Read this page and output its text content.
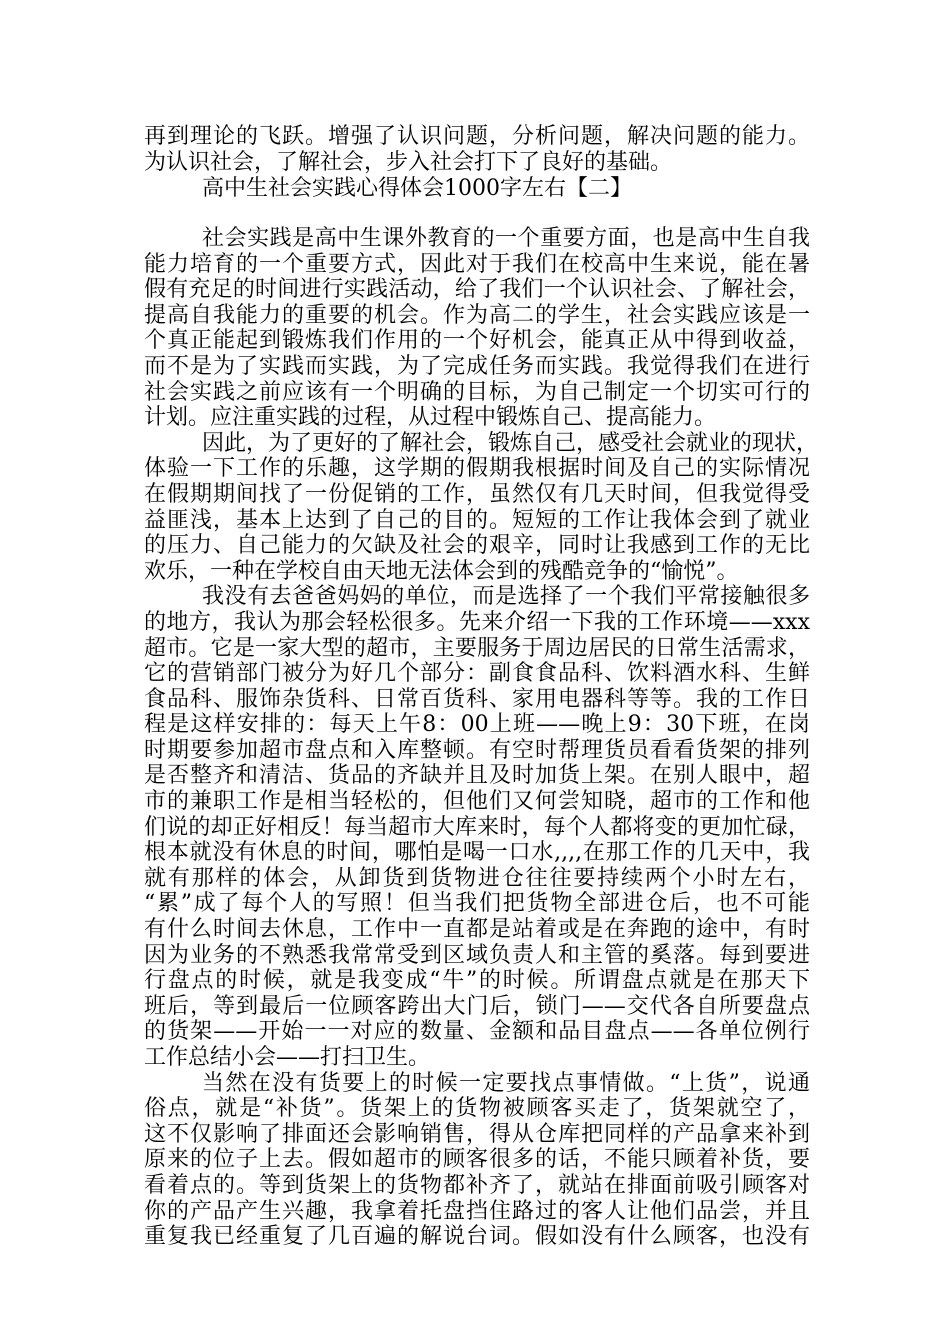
再到理论的飞跃。增强了认识问题，分析问题，解决问题的能力。
为认识社会，了解社会，步入社会打下了良好的基础。
高中生社会实践心得体会1000字左右【二】
社会实践是高中生课外教育的一个重要方面，也是高中生自我
能力培育的一个重要方式，因此对于我们在校高中生来说，能在暑
假有充足的时间进行实践活动，给了我们一个认识社会、了解社会，
提高自我能力的重要的机会。作为高二的学生，社会实践应该是一
个真正能起到锻炼我们作用的一个好机会，能真正从中得到收益，
而不是为了实践而实践，为了完成任务而实践。我觉得我们在进行
社会实践之前应该有一个明确的目标，为自己制定一个切实可行的
计划。应注重实践的过程，从过程中锻炼自己、提高能力。
因此，为了更好的了解社会，锻炼自己，感受社会就业的现状，
体验一下工作的乐趣，这学期的假期我根据时间及自己的实际情况
在假期期间找了一份促销的工作，虽然仅有几天时间，但我觉得受
益匪浅，基本上达到了自己的目的。短短的工作让我体会到了就业
的压力、自己能力的欠缺及社会的艰辛，同时让我感到工作的无比
欢乐，一种在学校自由天地无法体会到的残酷竞争的“愉悦”。
我没有去爸爸妈妈的单位，而是选择了一个我们平常接触很多
的地方，我认为那会轻松很多。先来介绍一下我的工作环境——xxx
超市。它是一家大型的超市，主要服务于周边居民的日常生活需求，
它的营销部门被分为好几个部分：副食食品科、饮料酒水科、生鲜
食品科、服饰杂货科、日常百货科、家用电器科等等。我的工作日
程是这样安排的：每天上午8：00上班——晚上9：30下班，在岗
时期要参加超市盘点和入库整顿。有空时帮理货员看看货架的排列
是否整齐和清洁、货品的齐缺并且及时加货上架。在别人眼中，超
市的兼职工作是相当轻松的，但他们又何尝知晓，超市的工作和他
们说的却正好相反！每当超市大库来时，每个人都将变的更加忙碌，
根本就没有休息的时间，哪怕是喝一口水,,,,在那工作的几天中，我
就有那样的体会，从卸货到货物进仓往往要持续两个小时左右，
“累”成了每个人的写照！但当我们把货物全部进仓后，也不可能
有什么时间去休息，工作中一直都是站着或是在奔跑的途中，有时
因为业务的不熟悉我常常受到区域负责人和主管的奚落。每到要进
行盘点的时候，就是我变成“牛”的时候。所谓盘点就是在那天下
班后，等到最后一位顾客跨出大门后，锁门——交代各自所要盘点
的货架——开始一一对应的数量、金额和品目盘点——各单位例行
工作总结小会——打扫卫生。
当然在没有货要上的时候一定要找点事情做。“上货”，说通
俗点，就是“补货”。货架上的货物被顾客买走了，货架就空了，
这不仅影响了排面还会影响销售，得从仓库把同样的产品拿来补到
原来的位子上去。假如超市的顾客很多的话，不能只顾着补货，要
看着点的。等到货架上的货物都补齐了，就站在排面前吸引顾客对
你的产品产生兴趣，我拿着托盘挡住路过的客人让他们品尝，并且
重复我已经重复了几百遍的解说台词。假如没有什么顾客，也没有
